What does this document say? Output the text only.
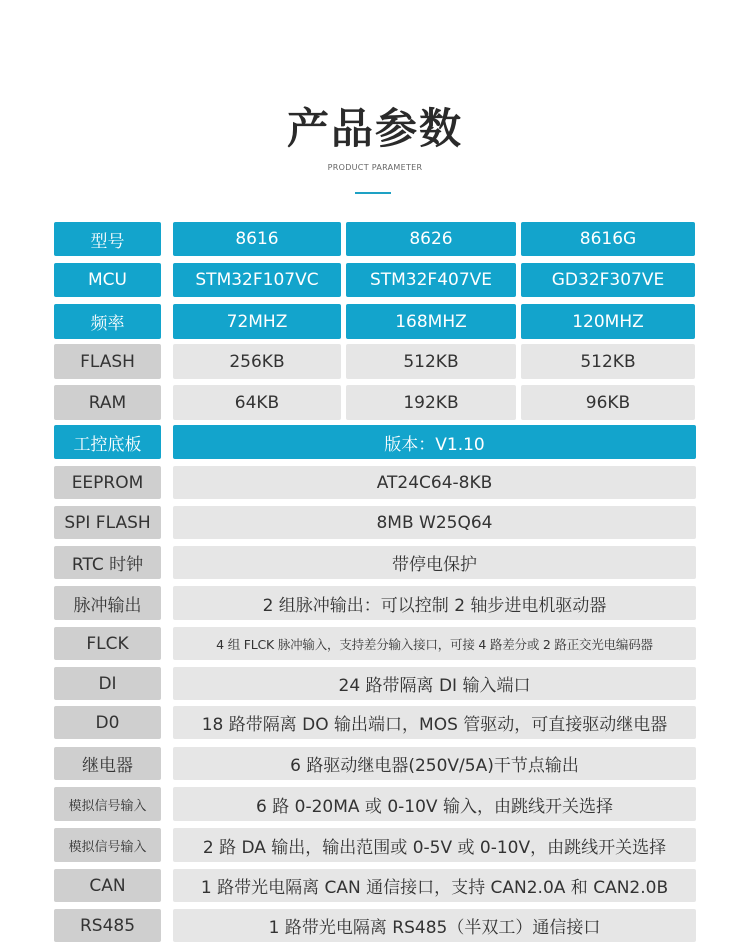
产品参数
PRODUCT PARAMETER
型号	8616	8626	8616G
MCU	STM32F107VC	STM32F407VE	GD32F307VE
频率	72MHZ	168MHZ	120MHZ
FLASH	256KB	512KB	512KB
RAM	64KB	192KB	96KB
工控底板	版本：V1.10
EEPROM	AT24C64-8KB
SPI FLASH	8MB W25Q64
RTC 时钟	带停电保护
脉冲输出	2 组脉冲输出：可以控制 2 轴步进电机驱动器
FLCK	4 组 FLCK 脉冲输入，支持差分输入接口，可接 4 路差分或 2 路正交光电编码器
DI	24 路带隔离 DI 输入端口
D0	18 路带隔离 DO 输出端口，MOS 管驱动，可直接驱动继电器
继电器	6 路驱动继电器(250V/5A)干节点输出
模拟信号输入	6 路 0-20MA 或 0-10V 输入，由跳线开关选择
模拟信号输入	2 路 DA 输出，输出范围或 0-5V 或 0-10V，由跳线开关选择
CAN	1 路带光电隔离 CAN 通信接口，支持 CAN2.0A 和 CAN2.0B
RS485	1 路带光电隔离 RS485（半双工）通信接口
